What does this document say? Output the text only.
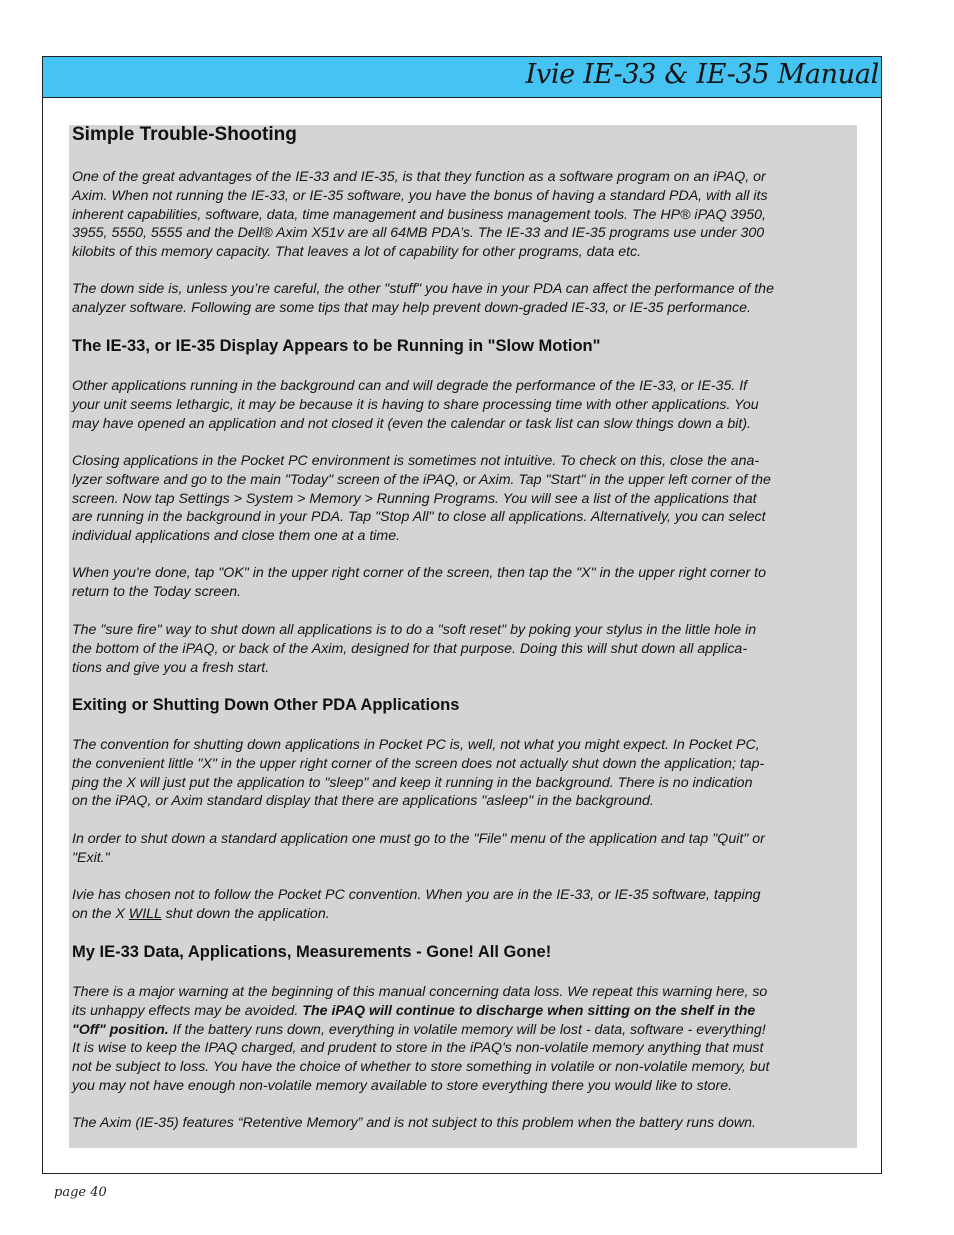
Ivie IE-33 & IE-35 Manual
Simple Trouble-Shooting
One of the great advantages of the IE-33 and IE-35, is that they function as a software program on an iPAQ, or
Axim. When not running the IE-33, or IE-35 software, you have the bonus of having a standard PDA, with all its
inherent capabilities, software, data, time management and business management tools. The HP® iPAQ 3950,
3955, 5550, 5555 and the Dell® Axim X51v are all 64MB PDA’s. The IE-33 and IE-35 programs use under 300
kilobits of this memory capacity. That leaves a lot of capability for other programs, data etc.
The down side is, unless you’re careful, the other "stuff" you have in your PDA can affect the performance of the
analyzer software. Following are some tips that may help prevent down-graded IE-33, or IE-35 performance.
The IE-33, or IE-35 Display Appears to be Running in "Slow Motion"
Other applications running in the background can and will degrade the performance of the IE-33, or IE-35. If
your unit seems lethargic, it may be because it is having to share processing time with other applications. You
may have opened an application and not closed it (even the calendar or task list can slow things down a bit).
Closing applications in the Pocket PC environment is sometimes not intuitive. To check on this, close the ana-
lyzer software and go to the main "Today" screen of the iPAQ, or Axim. Tap "Start" in the upper left corner of the
screen. Now tap Settings > System > Memory > Running Programs. You will see a list of the applications that
are running in the background in your PDA. Tap "Stop All" to close all applications. Alternatively, you can select
individual applications and close them one at a time.
When you're done, tap "OK" in the upper right corner of the screen, then tap the "X" in the upper right corner to
return to the Today screen.
The "sure fire" way to shut down all applications is to do a "soft reset" by poking your stylus in the little hole in
the bottom of the iPAQ, or back of the Axim, designed for that purpose. Doing this will shut down all applica-
tions and give you a fresh start.
Exiting or Shutting Down Other PDA Applications
The convention for shutting down applications in Pocket PC is, well, not what you might expect. In Pocket PC,
the convenient little "X" in the upper right corner of the screen does not actually shut down the application; tap-
ping the X will just put the application to "sleep" and keep it running in the background. There is no indication
on the iPAQ, or Axim standard display that there are applications "asleep" in the background.
In order to shut down a standard application one must go to the "File" menu of the application and tap "Quit" or
"Exit."
Ivie has chosen not to follow the Pocket PC convention. When you are in the IE-33, or IE-35 software, tapping
on the X WILL shut down the application.
My IE-33 Data, Applications, Measurements - Gone! All Gone!
There is a major warning at the beginning of this manual concerning data loss. We repeat this warning here, so
its unhappy effects may be avoided. The iPAQ will continue to discharge when sitting on the shelf in the
"Off" position. If the battery runs down, everything in volatile memory will be lost - data, software - everything!
It is wise to keep the IPAQ charged, and prudent to store in the iPAQ's non-volatile memory anything that must
not be subject to loss. You have the choice of whether to store something in volatile or non-volatile memory, but
you may not have enough non-volatile memory available to store everything there you would like to store.
The Axim (IE-35) features “Retentive Memory” and is not subject to this problem when the battery runs down.
page 40
